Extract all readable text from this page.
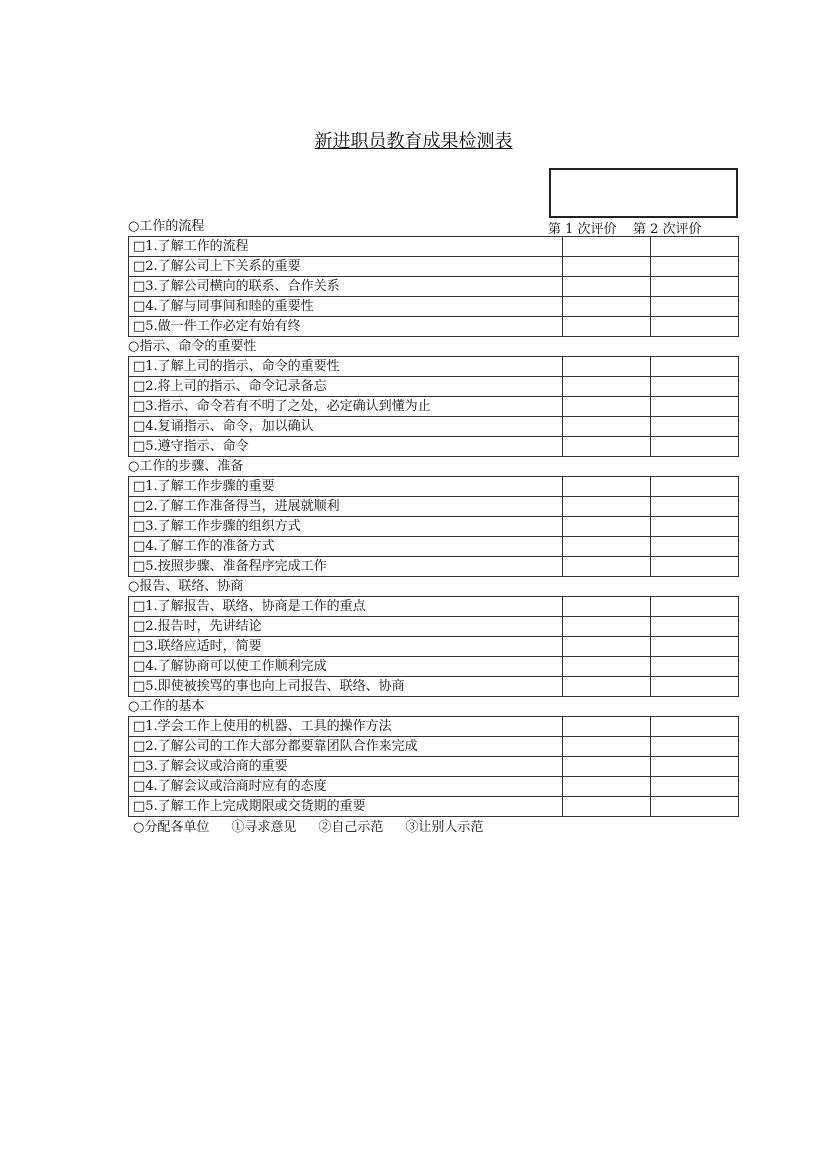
新进职员教育成果检测表
第 1 次评价 第 2 次评价
○工作的流程
□1.了解工作的流程		
□2.了解公司上下关系的重要		
□3.了解公司横向的联系、合作关系		
□4.了解与同事间和睦的重要性		
□5.做一件工作必定有始有终		
○指示、命令的重要性
□1.了解上司的指示、命令的重要性		
□2.将上司的指示、命令记录备忘		
□3.指示、命令若有不明了之处，必定确认到懂为止		
□4.复诵指示、命令，加以确认		
□5.遵守指示、命令		
○工作的步骤、准备
□1.了解工作步骤的重要		
□2.了解工作准备得当，进展就顺利		
□3.了解工作步骤的组织方式		
□4.了解工作的准备方式		
□5.按照步骤、准备程序完成工作		
○报告、联络、协商
□1.了解报告、联络、协商是工作的重点		
□2.报告时，先讲结论		
□3.联络应适时，简要		
□4.了解协商可以使工作顺利完成		
□5.即使被挨骂的事也向上司报告、联络、协商		
○工作的基本
□1.学会工作上使用的机器、工具的操作方法		
□2.了解公司的工作大部分都要靠团队合作来完成		
□3.了解会议或洽商的重要		
□4.了解会议或洽商时应有的态度		
□5.了解工作上完成期限或交货期的重要		
○分配各单位 ①寻求意见 ②自己示范 ③让别人示范
